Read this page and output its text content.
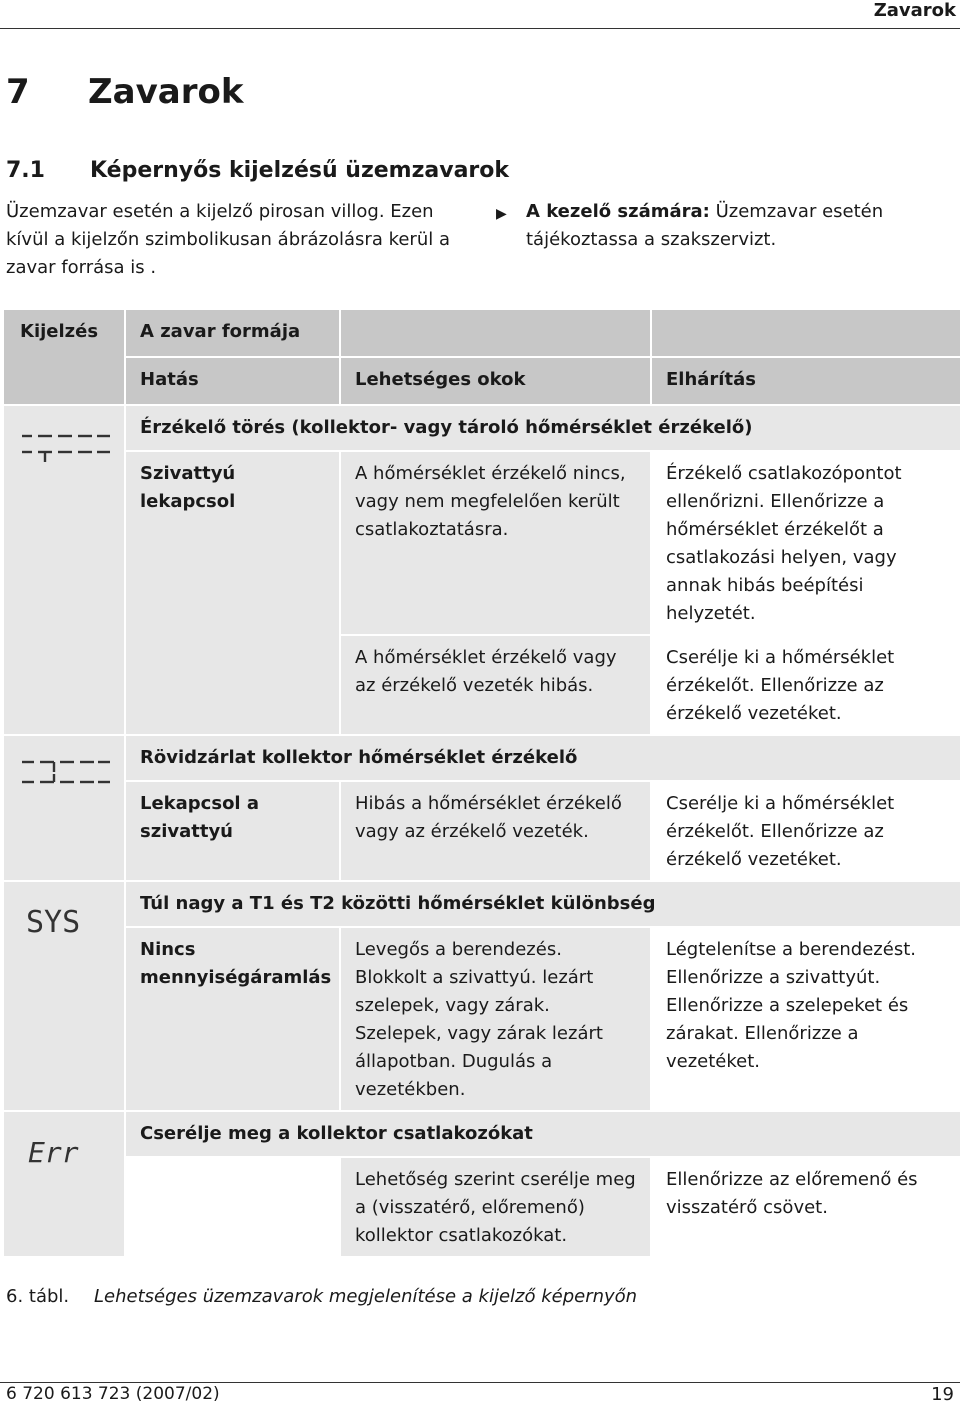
Zavarok
7 Zavarok
7.1 Képernyős kijelzésű üzemzavarok
Üzemzavar esetén a kijelző pirosan villog. Ezen kívül a kijelzőn szimbolikusan ábrázolásra kerül a zavar forrása is .
▶ A kezelő számára: Üzemzavar esetén tájékoztassa a szakszervizt.
Kijelzés	A zavar formája		
	Hatás	Lehetséges okok	Elhárítás

	Érzékelő törés (kollektor- vagy tároló hőmérséklet érzékelő)		
	Szivattyú lekapcsol	A hőmérséklet érzékelő nincs, vagy nem megfelelően került csatlakoztatásra.	Érzékelő csatlakozópontot ellenőrizni. Ellenőrizze a hőmérséklet érzékelőt a csatlakozási helyen, vagy annak hibás beépítési helyzetét.
		A hőmérséklet érzékelő vagy az érzékelő vezeték hibás.	Cserélje ki a hőmérséklet érzékelőt. Ellenőrizze az érzékelő vezetéket.

	Rövidzárlat kollektor hőmérséklet érzékelő		
	Lekapcsol a szivattyú	Hibás a hőmérséklet érzékelő vagy az érzékelő vezeték.	Cserélje ki a hőmérséklet érzékelőt. Ellenőrizze az érzékelő vezetéket.

SYS	Túl nagy a T1 és T2 közötti hőmérséklet különbség		
	Nincs mennyiségáramlás	Levegős a berendezés. Blokkolt a szivattyú. lezárt szelepek, vagy zárak. Szelepek, vagy zárak lezárt állapotban. Dugulás a vezetékben.	Légtelenítse a berendezést. Ellenőrizze a szivattyút. Ellenőrizze a szelepeket és zárakat. Ellenőrizze a vezetéket.

Err	Cserélje meg a kollektor csatlakozókat		
		Lehetőség szerint cserélje meg a (visszatérő, előremenő) kollektor csatlakozókat.	Ellenőrizze az előremenő és visszatérő csövet.
6. tábl. Lehetséges üzemzavarok megjelenítése a kijelző képernyőn
6 720 613 723 (2007/02)	19
